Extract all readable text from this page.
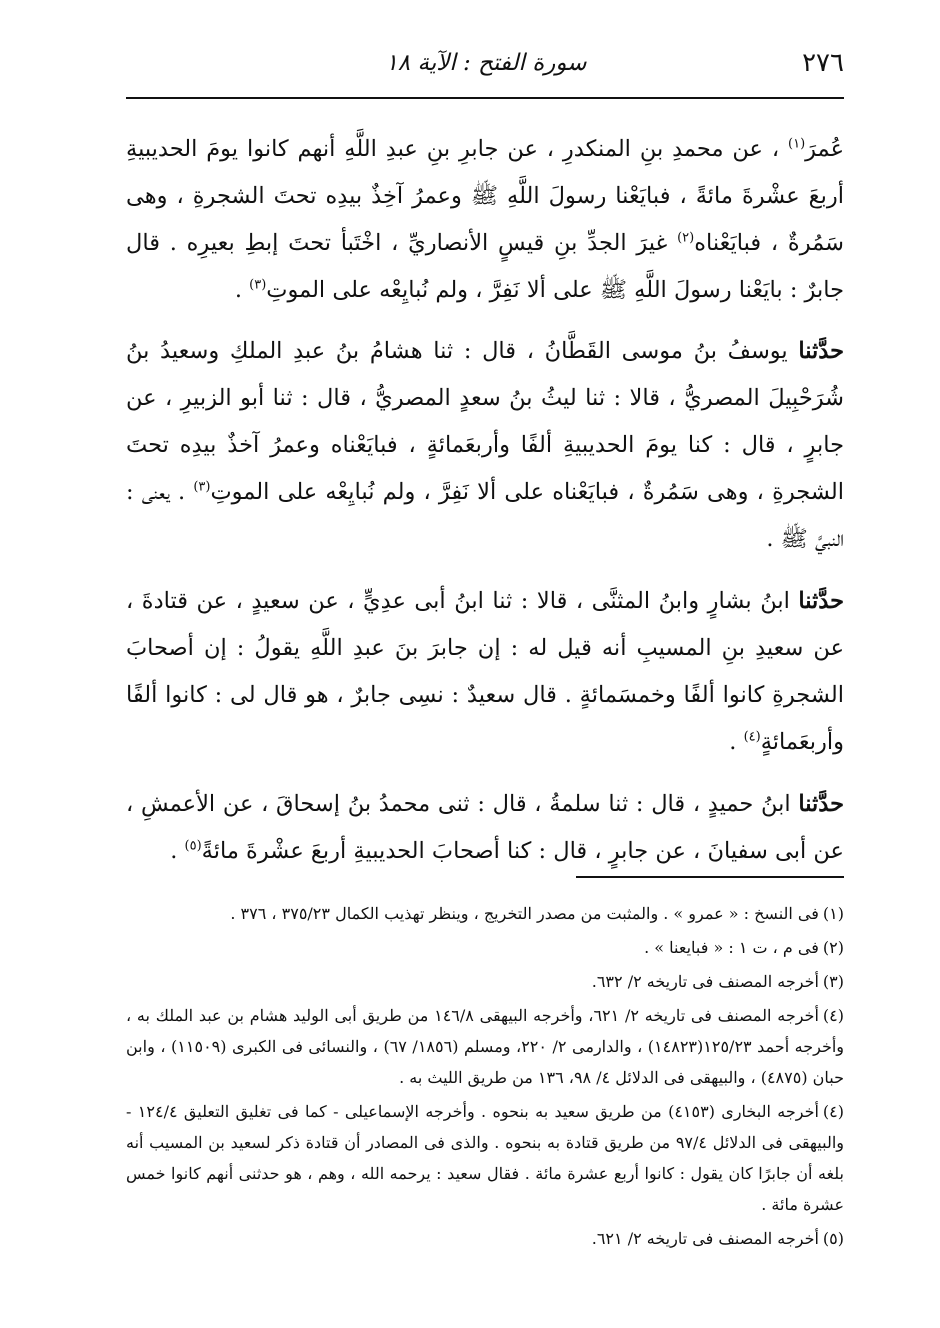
٢٧٦
سورة الفتح : الآية ١٨

عُمرَ$^{(١)}$ ، عن محمدِ بنِ المنكدرِ ، عن جابرِ بنِ عبدِ اللَّهِ أنهم كانوا يومَ الحديبيةِ أربعَ عشْرةَ مائةً ، فبايَعْنا رسولَ اللَّهِ ﷺ وعمرُ آخِذٌ بيدِه تحتَ الشجرةِ ، وهى سَمُرةٌ ، فبايَعْناه$^{(٢)}$ غيرَ الجدِّ بنِ قيسٍ الأنصاريِّ ، اخْتَبأ تحتَ إبطِ بعيرِه . قال جابرٌ : بايَعْنا رسولَ اللَّهِ ﷺ على ألا نَفِرَّ ، ولم نُبايِعْه على الموتِ$^{(٣)}$ .

حدَّثنا يوسفُ بنُ موسى القَطَّانُ ، قال : ثنا هشامُ بنُ عبدِ الملكِ وسعيدُ بنُ شُرَحْبِيلَ المصريُّ ، قالا : ثنا ليثُ بنُ سعدٍ المصريُّ ، قال : ثنا أبو الزبيرِ ، عن جابرٍ ، قال : كنا يومَ الحديبيةِ ألفًا وأربعَمائةٍ ، فبايَعْناه وعمرُ آخذٌ بيدِه تحتَ الشجرةِ ، وهى سَمُرةٌ ، فبايَعْناه على ألا نَفِرَّ ، ولم نُبايِعْه على الموتِ$^{(٣)}$ . يعنى : النبيَّ ﷺ .

حدَّثنا ابنُ بشارٍ وابنُ المثنَّى ، قالا : ثنا ابنُ أبى عدِيٍّ ، عن سعيدٍ ، عن قتادةَ ، عن سعيدِ بنِ المسيبِ أنه قيل له : إن جابرَ بنَ عبدِ اللَّهِ يقولُ : إن أصحابَ الشجرةِ كانوا ألفًا وخمسَمائةٍ . قال سعيدٌ : نسِى جابرٌ ، هو قال لى : كانوا ألفًا وأربعَمائةٍ$^{(٤)}$ .

حدَّثنا ابنُ حميدٍ ، قال : ثنا سلمةُ ، قال : ثنى محمدُ بنُ إسحاقَ ، عن الأعمشِ ، عن أبى سفيانَ ، عن جابرٍ ، قال : كنا أصحابَ الحديبيةِ أربعَ عشْرةَ مائةً$^{(٥)}$ .

(١)فى النسخ : « عمرو » . والمثبت من مصدر التخريج ، وينظر تهذيب الكمال ٣٧٥/٢٣ ، ٣٧٦ .
(٢)فى م ، ت ١ : « فبايعنا » .
(٣)أخرجه المصنف فى تاريخه ٢/ ٦٣٢.
(٤)أخرجه المصنف فى تاريخه ٢/ ٦٢١، وأخرجه البيهقى ١٤٦/٨ من طريق أبى الوليد هشام بن عبد الملك به ، وأخرجه أحمد ١٢٥/٢٣(١٤٨٢٣) ، والدارمى ٢/ ٢٢٠، ومسلم (١٨٥٦/ ٦٧) ، والنسائى فى الكبرى (١١٥٠٩) ، وابن حبان (٤٨٧٥) ، والبيهقى فى الدلائل ٤/ ٩٨، ١٣٦ من طريق الليث به .
(٤)أخرجه البخارى (٤١٥٣) من طريق سعيد به بنحوه . وأخرجه الإسماعيلى - كما فى تغليق التعليق ١٢٤/٤ - والبيهقى فى الدلائل ٩٧/٤ من طريق قتادة به بنحوه . والذى فى المصادر أن قتادة ذكر لسعيد بن المسيب أنه بلغه أن جابرًا كان يقول : كانوا أربع عشرة مائة . فقال سعيد : يرحمه الله ، وهم ، هو حدثنى أنهم كانوا خمس عشرة مائة .
(٥)أخرجه المصنف فى تاريخه ٢/ ٦٢١.
